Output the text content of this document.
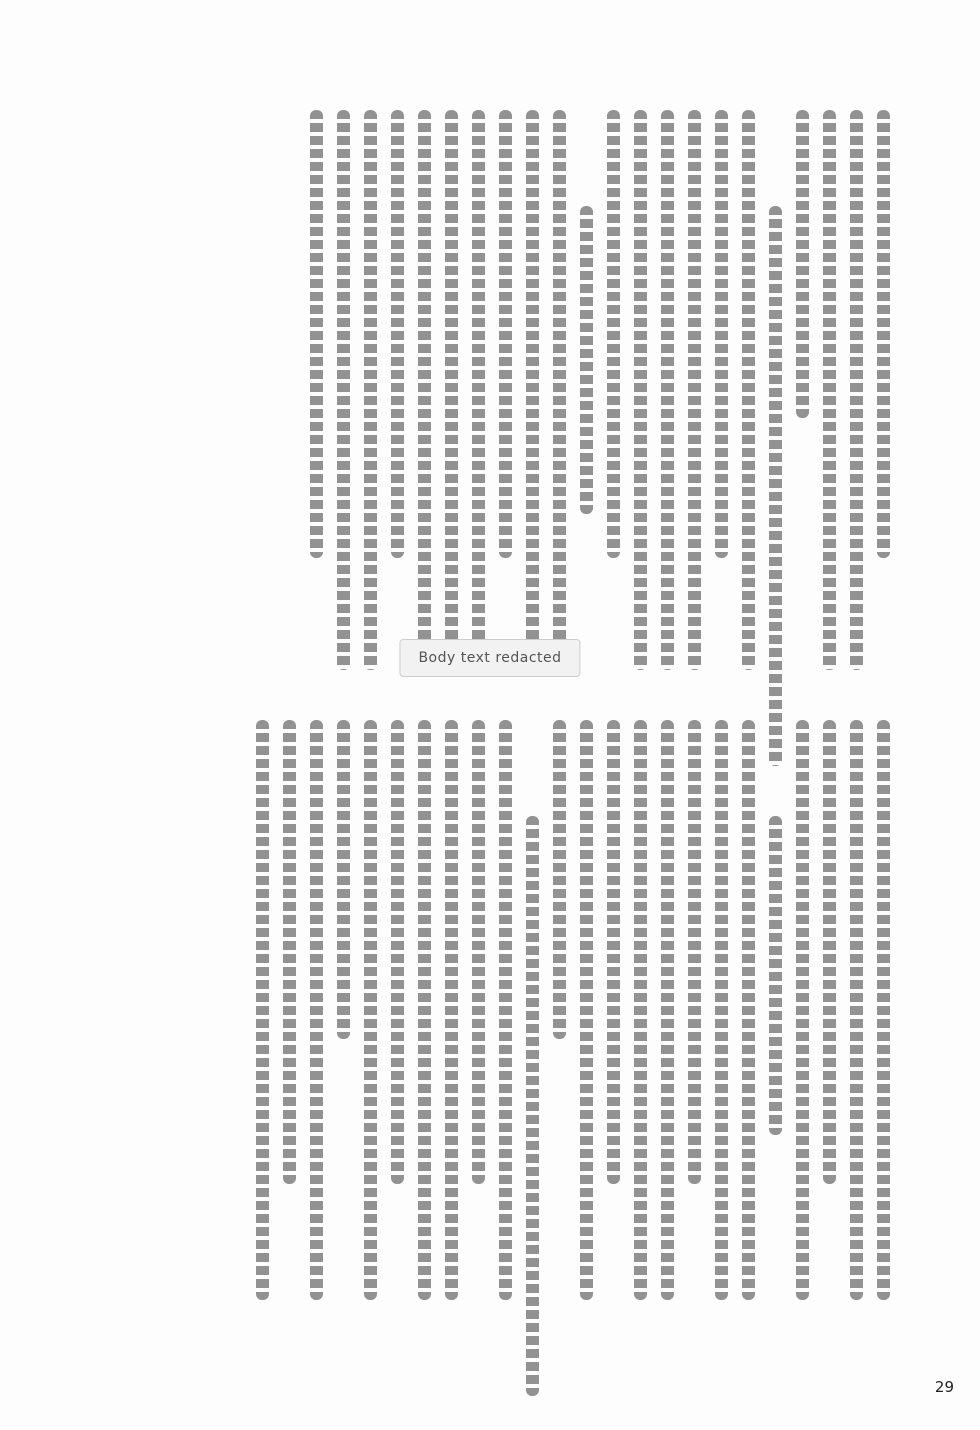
Body text redacted
29
